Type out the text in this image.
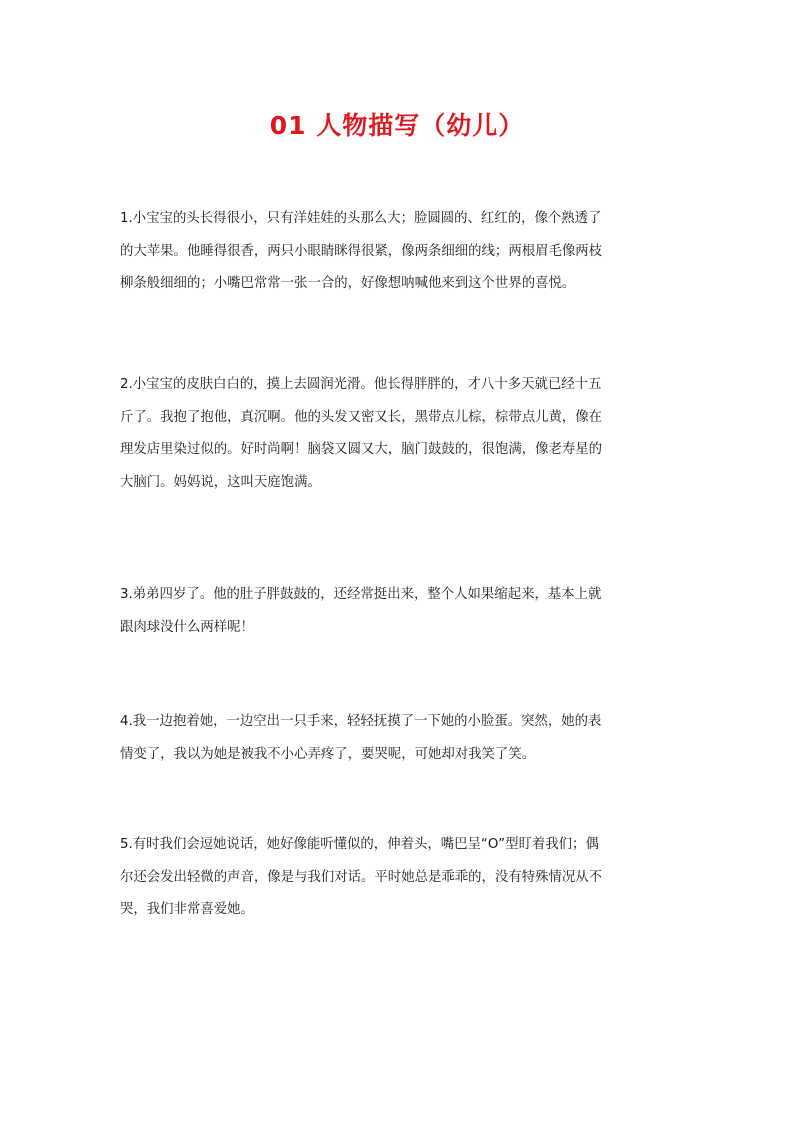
01 人物描写（幼儿）
1.小宝宝的头长得很小，只有洋娃娃的头那么大；脸圆圆的、红红的，像个熟透了
的大苹果。他睡得很香，两只小眼睛眯得很紧，像两条细细的线；两根眉毛像两枝
柳条般细细的；小嘴巴常常一张一合的，好像想呐喊他来到这个世界的喜悦。
2.小宝宝的皮肤白白的，摸上去圆润光滑。他长得胖胖的，才八十多天就已经十五
斤了。我抱了抱他，真沉啊。他的头发又密又长，黑带点儿棕，棕带点儿黄，像在
理发店里染过似的。好时尚啊！脑袋又圆又大，脑门鼓鼓的，很饱满，像老寿星的
大脑门。妈妈说，这叫天庭饱满。
3.弟弟四岁了。他的肚子胖鼓鼓的，还经常挺出来，整个人如果缩起来，基本上就
跟肉球没什么两样呢！
4.我一边抱着她，一边空出一只手来，轻轻抚摸了一下她的小脸蛋。突然，她的表
情变了，我以为她是被我不小心弄疼了，要哭呢，可她却对我笑了笑。
5.有时我们会逗她说话，她好像能听懂似的，伸着头，嘴巴呈“O”型盯着我们；偶
尔还会发出轻微的声音，像是与我们对话。平时她总是乖乖的，没有特殊情况从不
哭，我们非常喜爱她。
